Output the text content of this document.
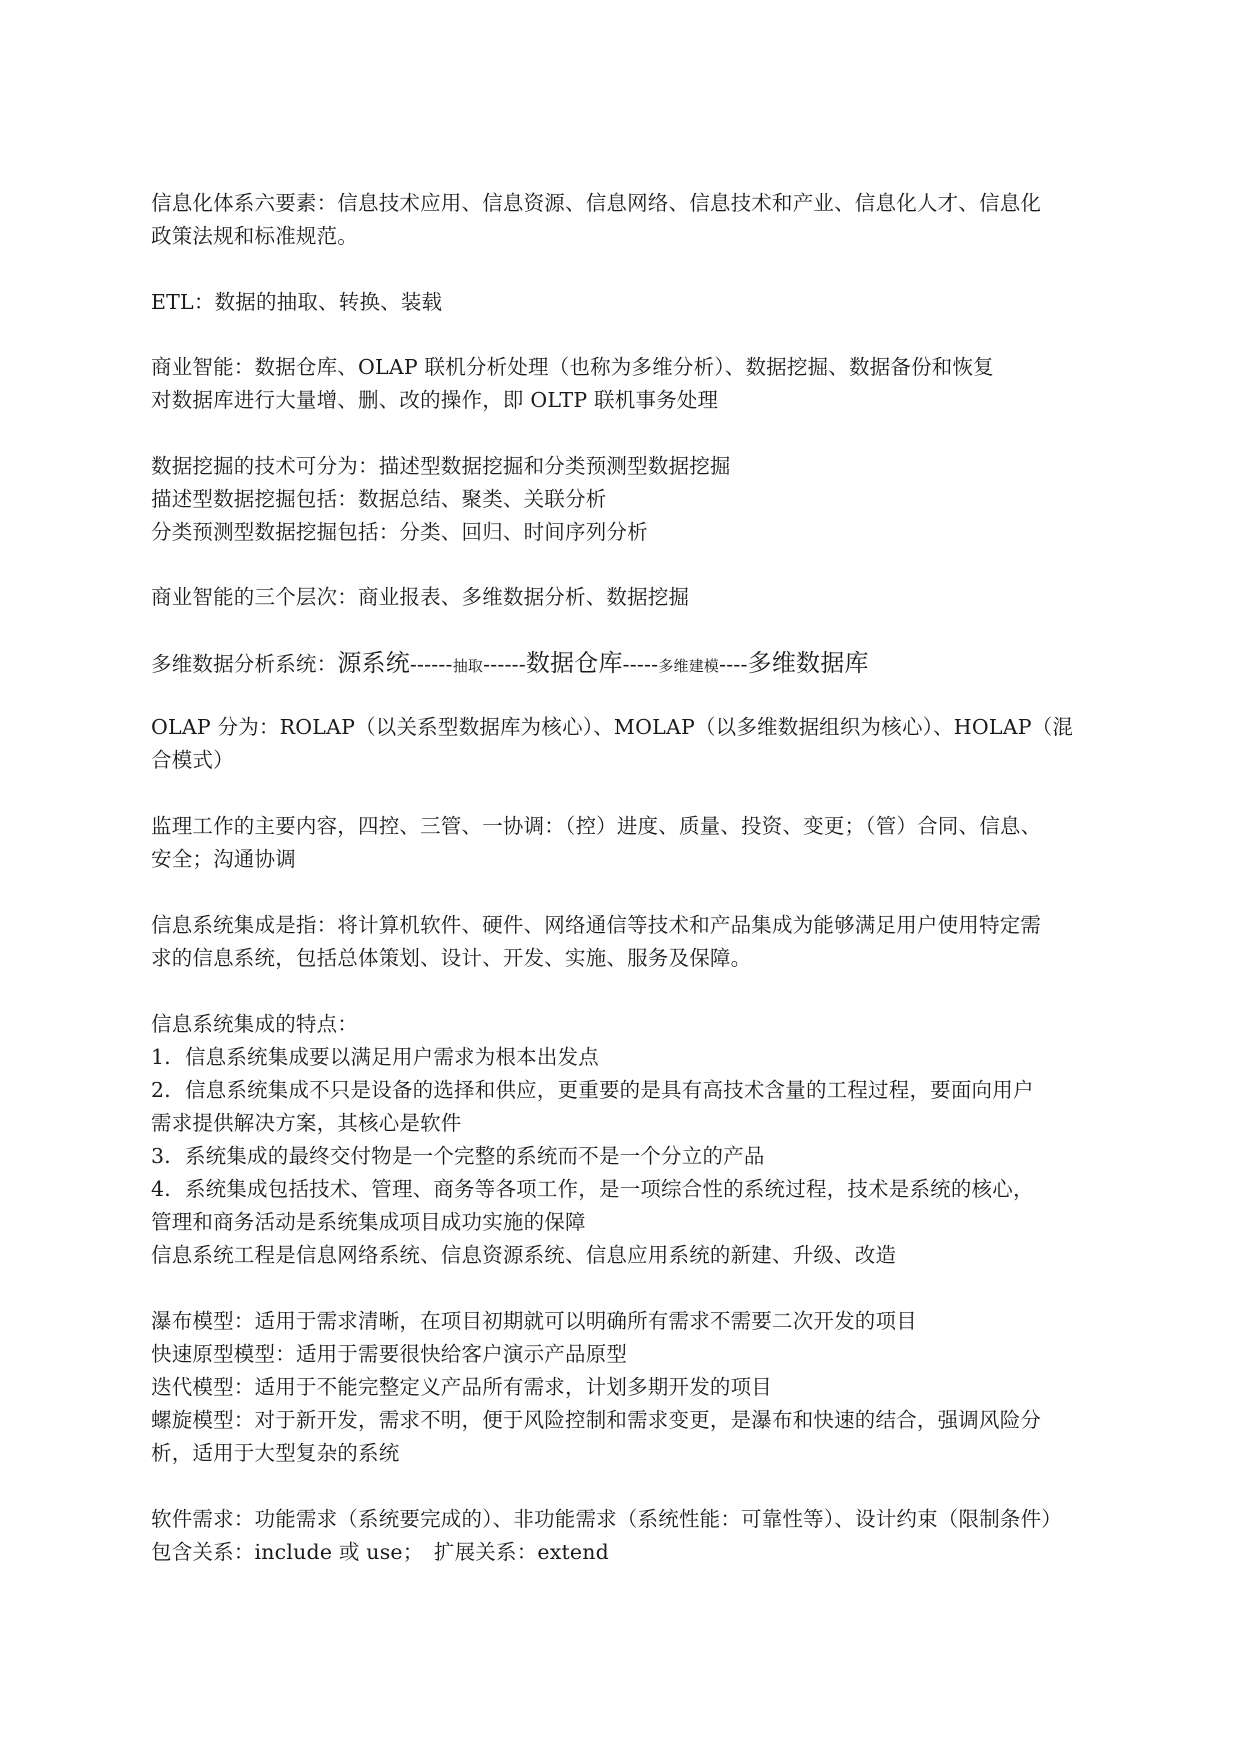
信息化体系六要素：信息技术应用、信息资源、信息网络、信息技术和产业、信息化人才、信息化
政策法规和标准规范。
ETL：数据的抽取、转换、装载
商业智能：数据仓库、OLAP 联机分析处理（也称为多维分析）、数据挖掘、数据备份和恢复
对数据库进行大量增、删、改的操作，即 OLTP 联机事务处理
数据挖掘的技术可分为：描述型数据挖掘和分类预测型数据挖掘
描述型数据挖掘包括：数据总结、聚类、关联分析
分类预测型数据挖掘包括：分类、回归、时间序列分析
商业智能的三个层次：商业报表、多维数据分析、数据挖掘
多维数据分析系统：源系统------抽取------数据仓库-----多维建模----多维数据库
OLAP 分为：ROLAP（以关系型数据库为核心）、MOLAP（以多维数据组织为核心）、HOLAP（混
合模式）
监理工作的主要内容，四控、三管、一协调：（控）进度、质量、投资、变更；（管）合同、信息、
安全；沟通协调
信息系统集成是指：将计算机软件、硬件、网络通信等技术和产品集成为能够满足用户使用特定需
求的信息系统，包括总体策划、设计、开发、实施、服务及保障。
信息系统集成的特点：
1．信息系统集成要以满足用户需求为根本出发点
2．信息系统集成不只是设备的选择和供应，更重要的是具有高技术含量的工程过程，要面向用户
需求提供解决方案，其核心是软件
3．系统集成的最终交付物是一个完整的系统而不是一个分立的产品
4．系统集成包括技术、管理、商务等各项工作，是一项综合性的系统过程，技术是系统的核心，
管理和商务活动是系统集成项目成功实施的保障
信息系统工程是信息网络系统、信息资源系统、信息应用系统的新建、升级、改造
瀑布模型：适用于需求清晰，在项目初期就可以明确所有需求不需要二次开发的项目
快速原型模型：适用于需要很快给客户演示产品原型
迭代模型：适用于不能完整定义产品所有需求，计划多期开发的项目
螺旋模型：对于新开发，需求不明，便于风险控制和需求变更，是瀑布和快速的结合，强调风险分
析，适用于大型复杂的系统
软件需求：功能需求（系统要完成的）、非功能需求（系统性能：可靠性等）、设计约束（限制条件）
包含关系：include 或 use；　扩展关系：extend
